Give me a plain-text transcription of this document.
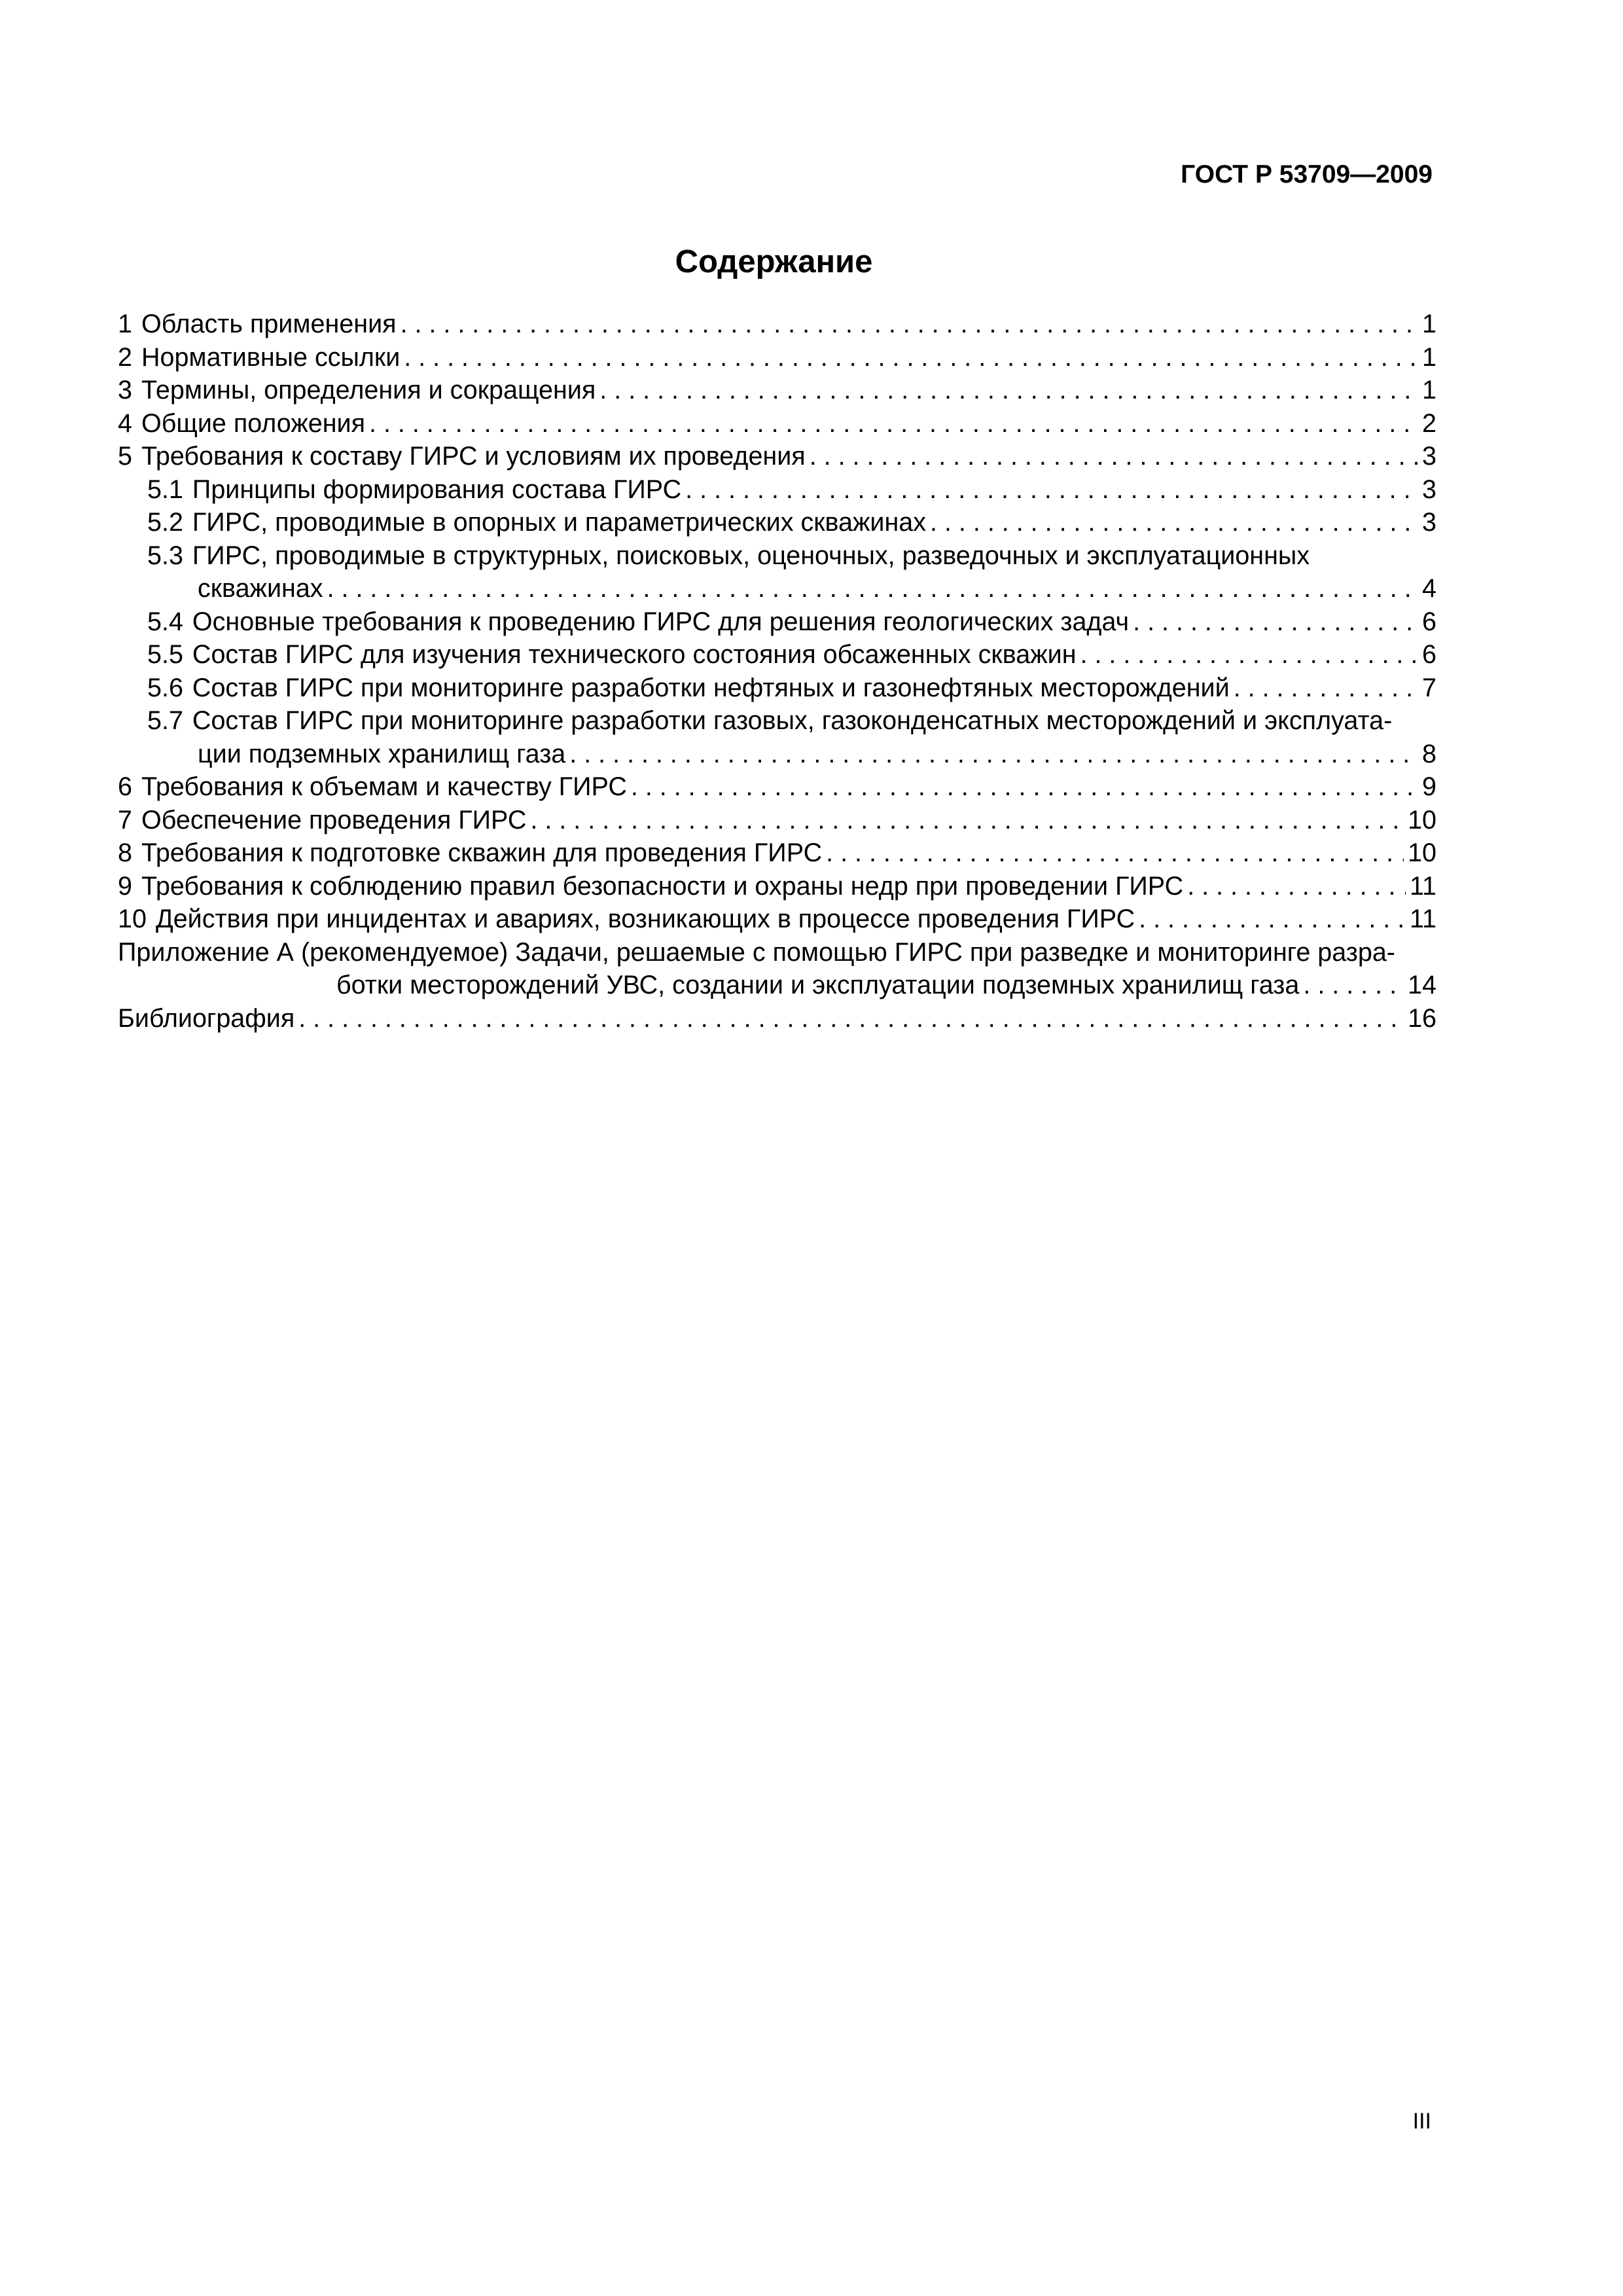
ГОСТ Р 53709—2009
Содержание
1 Область применения . . .	1
2 Нормативные ссылки . . .	1
3 Термины, определения и сокращения . . .	1
4 Общие положения . . .	2
5 Требования к составу ГИРС и условиям их проведения . . .	3
5.1 Принципы формирования состава ГИРС . . .	3
5.2 ГИРС, проводимые в опорных и параметрических скважинах . . .	3
5.3 ГИРС, проводимые в структурных, поисковых, оценочных, разведочных и эксплуатационных
скважинах . . .	4
5.4 Основные требования к проведению ГИРС для решения геологических задач . . .	6
5.5 Состав ГИРС для изучения технического состояния обсаженных скважин . . .	6
5.6 Состав ГИРС при мониторинге разработки нефтяных и газонефтяных месторождений . . .	7
5.7 Состав ГИРС при мониторинге разработки газовых, газоконденсатных месторождений и эксплуата-
ции подземных хранилищ газа . . .	8
6 Требования к объемам и качеству ГИРС . . .	9
7 Обеспечение проведения ГИРС . . .	10
8 Требования к подготовке скважин для проведения ГИРС . . .	10
9 Требования к соблюдению правил безопасности и охраны недр при проведении ГИРС . . .	11
10 Действия при инцидентах и авариях, возникающих в процессе проведения ГИРС . . .	11
Приложение А (рекомендуемое) Задачи, решаемые с помощью ГИРС при разведке и мониторинге разра-
ботки месторождений УВС, создании и эксплуатации подземных хранилищ газа . . .	14
Библиография . . .	16
III
